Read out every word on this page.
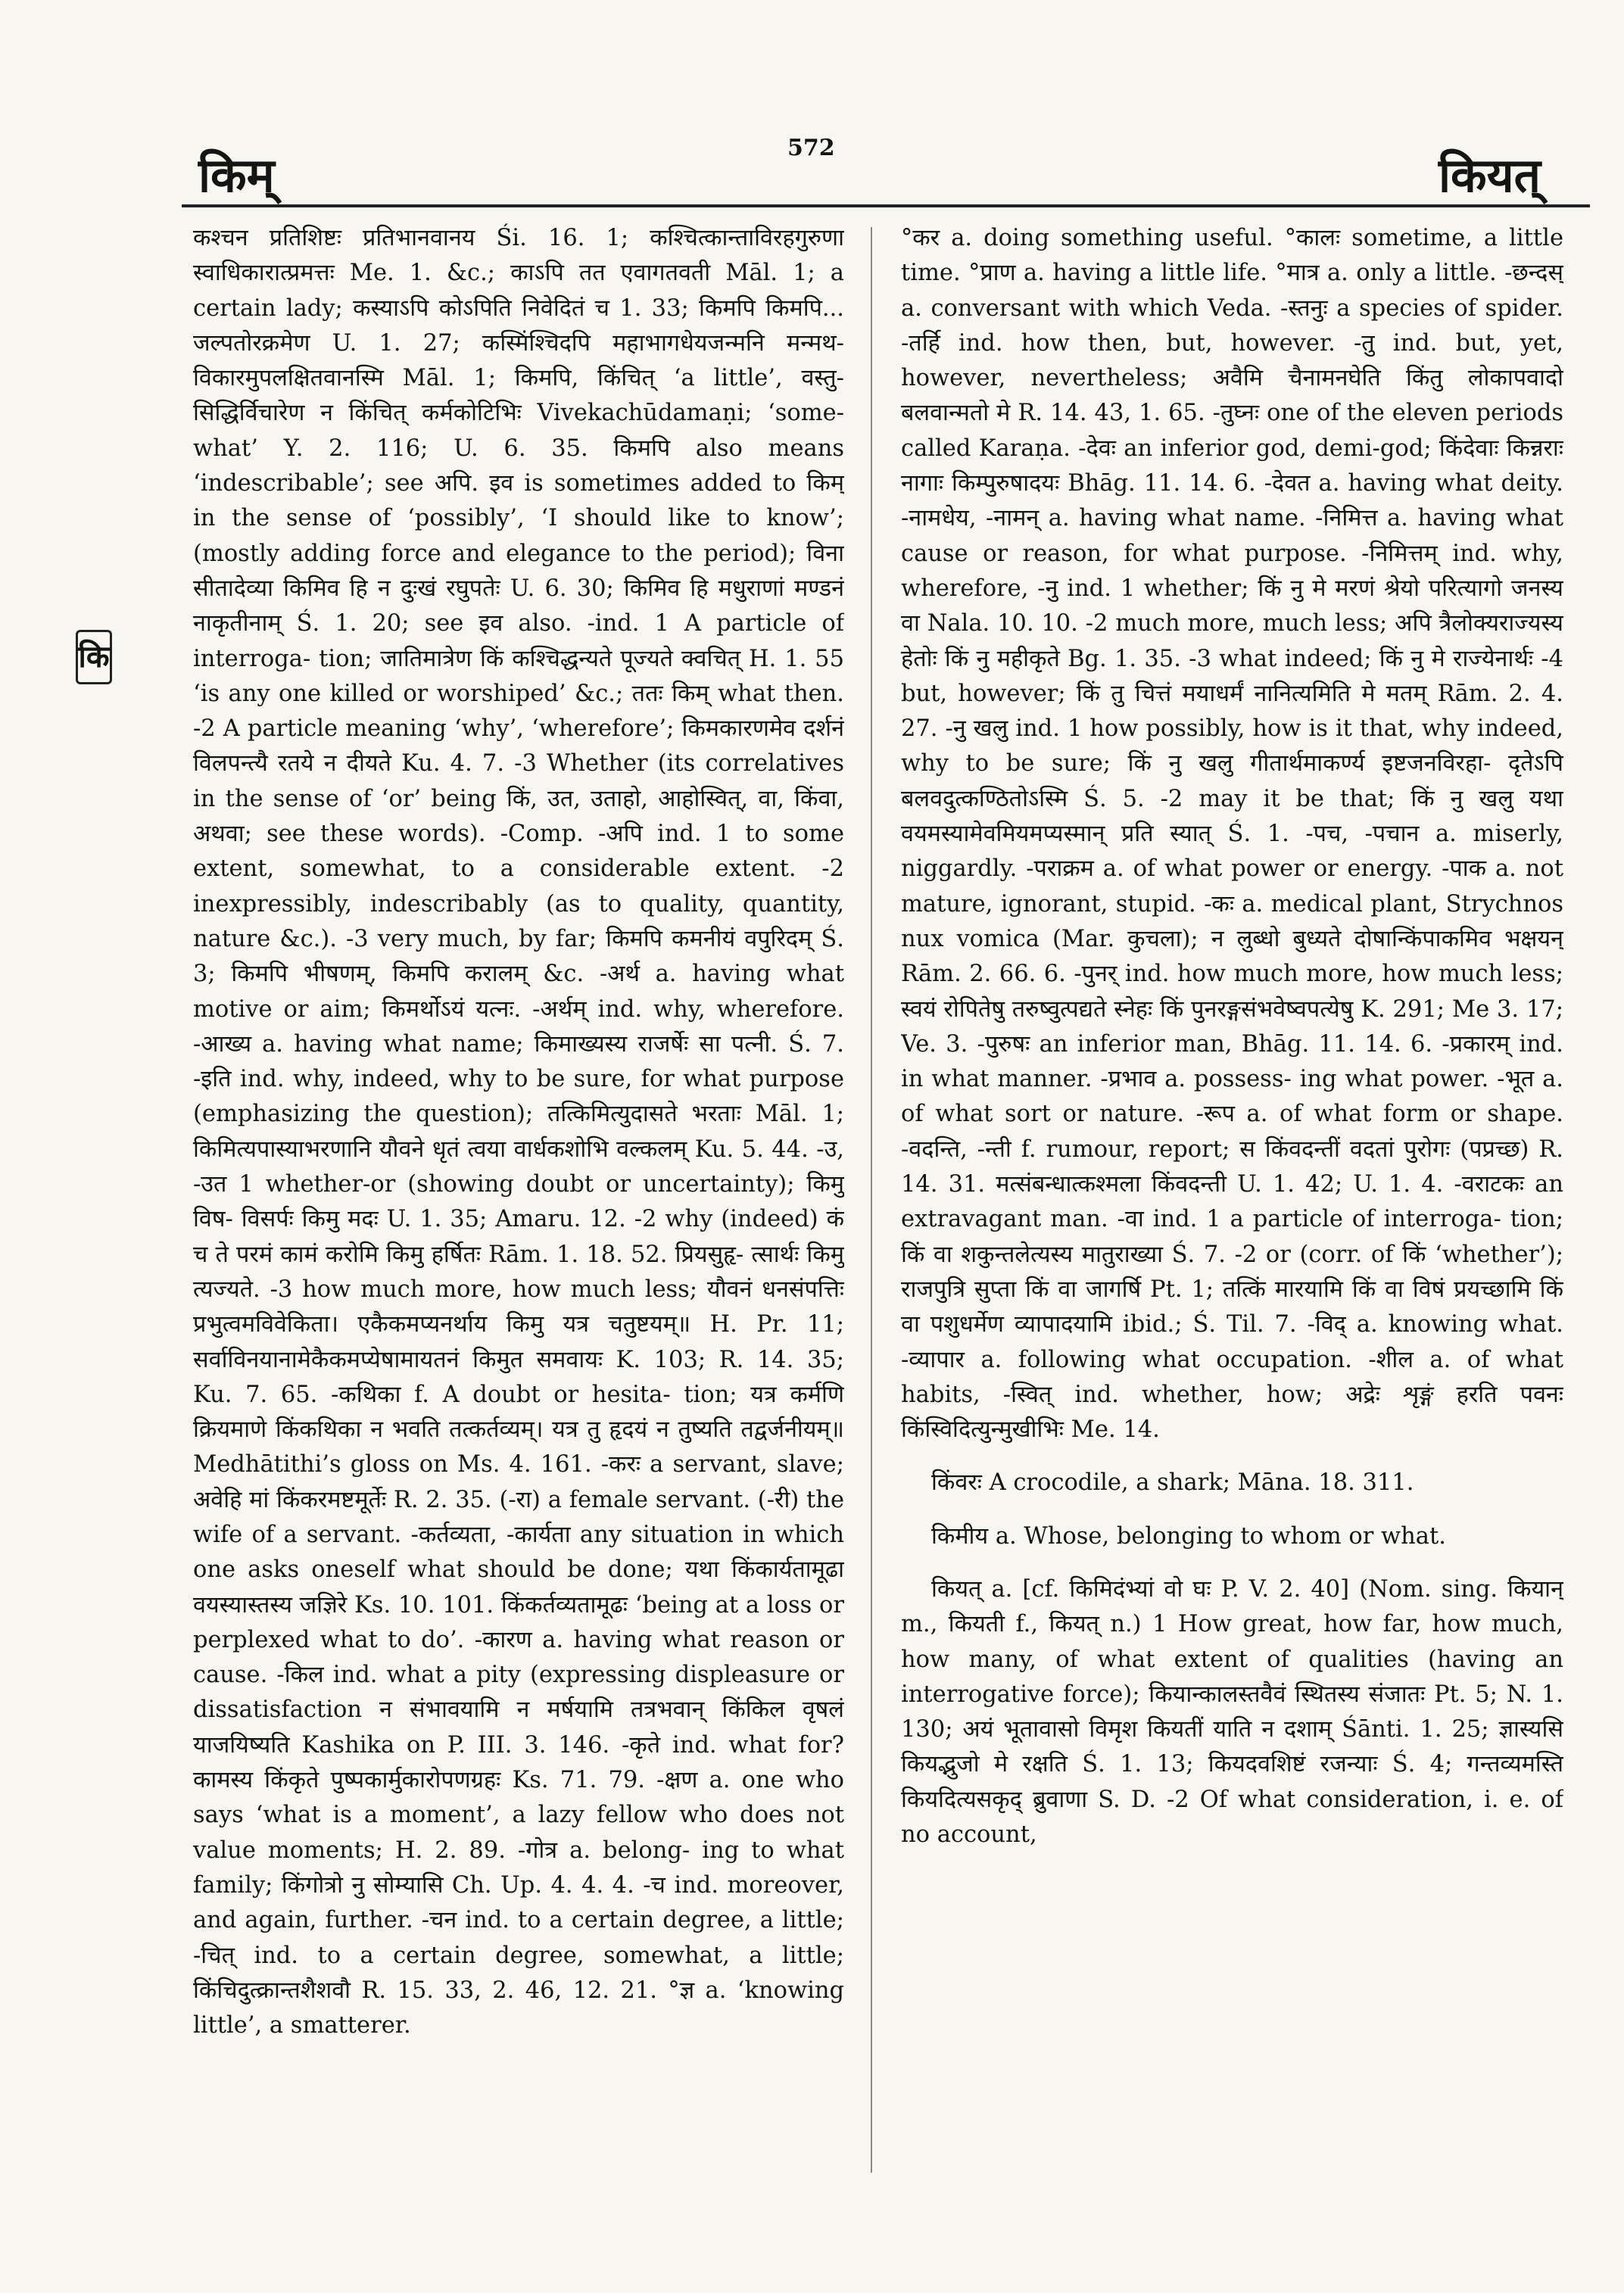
किम्	572	कियत्
कि

कश्चन प्रतिशिष्टः प्रतिभानवानय Śi. 16. 1; कश्चित्कान्ताविरहगुरुणा स्वाधिकारात्प्रमत्तः Me. 1. &c.; काऽपि तत एवागतवती Māl. 1; a certain lady; कस्याऽपि कोऽपिति निवेदितं च 1. 33; किमपि किमपि... जल्पतोरक्रमेण U. 1. 27; कस्मिंश्चिदपि महाभागधेयजन्मनि मन्मथ- विकारमुपलक्षितवानस्मि Māl. 1; किमपि, किंचित् ‘a little’, वस्तु- सिद्धिर्विचारेण न किंचित् कर्मकोटिभिः Vivekachūdamaṇi; ‘some- what’ Y. 2. 116; U. 6. 35. किमपि also means ‘indescribable’; see अपि. इव is sometimes added to किम् in the sense of ‘possibly’, ‘I should like to know’; (mostly adding force and elegance to the period); विना सीतादेव्या किमिव हि न दुःखं रघुपतेः U. 6. 30; किमिव हि मधुराणां मण्डनं नाकृतीनाम् Ś. 1. 20; see इव also. -ind. 1 A particle of interroga- tion; जातिमात्रेण किं कश्चिद्धन्यते पूज्यते क्वचित् H. 1. 55 ‘is any one killed or worshiped’ &c.; ततः किम् what then. -2 A particle meaning ‘why’, ‘wherefore’; किमकारणमेव दर्शनं विलपन्त्यै रतये न दीयते Ku. 4. 7. -3 Whether (its correlatives in the sense of ‘or’ being किं, उत, उताहो, आहोस्वित्, वा, किंवा, अथवा; see these words). -Comp. -अपि ind. 1 to some extent, somewhat, to a considerable extent. -2 inexpressibly, indescribably (as to quality, quantity, nature &c.). -3 very much, by far; किमपि कमनीयं वपुरिदम् Ś. 3; किमपि भीषणम्, किमपि करालम् &c. -अर्थ a. having what motive or aim; किमर्थोऽयं यत्नः. -अर्थम् ind. why, wherefore. -आख्य a. having what name; किमाख्यस्य राजर्षेः सा पत्नी. Ś. 7. -इति ind. why, indeed, why to be sure, for what purpose (emphasizing the question); तत्किमित्युदासते भरताः Māl. 1; किमित्यपास्याभरणानि यौवने धृतं त्वया वार्धकशोभि वल्कलम् Ku. 5. 44. -उ, -उत 1 whether-or (showing doubt or uncertainty); किमु विष- विसर्पः किमु मदः U. 1. 35; Amaru. 12. -2 why (indeed) कं च ते परमं कामं करोमि किमु हर्षितः Rām. 1. 18. 52. प्रियसुहृ- त्सार्थः किमु त्यज्यते. -3 how much more, how much less; यौवनं धनसंपत्तिः प्रभुत्वमविवेकिता। एकैकमप्यनर्थाय किमु यत्र चतुष्टयम्॥ H. Pr. 11; सर्वाविनयानामेकैकमप्येषामायतनं किमुत समवायः K. 103; R. 14. 35; Ku. 7. 65. -कथिका f. A doubt or hesita- tion; यत्र कर्मणि क्रियमाणे किंकथिका न भवति तत्कर्तव्यम्। यत्र तु हृदयं न तुष्यति तद्वर्जनीयम्॥ Medhātithi’s gloss on Ms. 4. 161. -करः a servant, slave; अवेहि मां किंकरमष्टमूर्तेः R. 2. 35. (-रा) a female servant. (-री) the wife of a servant. -कर्तव्यता, -कार्यता any situation in which one asks oneself what should be done; यथा किंकार्यतामूढा वयस्यास्तस्य जज्ञिरे Ks. 10. 101. किंकर्तव्यतामूढः ‘being at a loss or perplexed what to do’. -कारण a. having what reason or cause. -किल ind. what a pity (expressing displeasure or dissatisfaction न संभावयामि न मर्षयामि तत्रभवान् किंकिल वृषलं याजयिष्यति Kashika on P. III. 3. 146. -कृते ind. what for? कामस्य किंकृते पुष्पकार्मुकारोपणग्रहः Ks. 71. 79. -क्षण a. one who says ‘what is a moment’, a lazy fellow who does not value moments; H. 2. 89. -गोत्र a. belong- ing to what family; किंगोत्रो नु सोम्यासि Ch. Up. 4. 4. 4. -च ind. moreover, and again, further. -चन ind. to a certain degree, a little; -चित् ind. to a certain degree, somewhat, a little; किंचिदुत्क्रान्तशैशवौ R. 15. 33, 2. 46, 12. 21. °ज्ञ a. ‘knowing little’, a smatterer.

°कर a. doing something useful. °कालः sometime, a little time. °प्राण a. having a little life. °मात्र a. only a little. -छन्दस् a. conversant with which Veda. -स्तनुः a species of spider. -तर्हि ind. how then, but, however. -तु ind. but, yet, however, nevertheless; अवैमि चैनामनघेति किंतु लोकापवादो बलवान्मतो मे R. 14. 43, 1. 65. -तुघ्नः one of the eleven periods called Karaṇa. -देवः an inferior god, demi-god; किंदेवाः किन्नराः नागाः किम्पुरुषादयः Bhāg. 11. 14. 6. -देवत a. having what deity. -नामधेय, -नामन् a. having what name. -निमित्त a. having what cause or reason, for what purpose. -निमित्तम् ind. why, wherefore, -नु ind. 1 whether; किं नु मे मरणं श्रेयो परित्यागो जनस्य वा Nala. 10. 10. -2 much more, much less; अपि त्रैलोक्यराज्यस्य हेतोः किं नु महीकृते Bg. 1. 35. -3 what indeed; किं नु मे राज्येनार्थः -4 but, however; किं तु चित्तं मयाधर्मं नानित्यमिति मे मतम् Rām. 2. 4. 27. -नु खलु ind. 1 how possibly, how is it that, why indeed, why to be sure; किं नु खलु गीतार्थमाकर्ण्य इष्टजनविरहा- दृतेऽपि बलवदुत्कण्ठितोऽस्मि Ś. 5. -2 may it be that; किं नु खलु यथा वयमस्यामेवमियमप्यस्मान् प्रति स्यात् Ś. 1. -पच, -पचान a. miserly, niggardly. -पराक्रम a. of what power or energy. -पाक a. not mature, ignorant, stupid. -कः a. medical plant, Strychnos nux vomica (Mar. कुचला); न लुब्धो बुध्यते दोषान्किंपाकमिव भक्षयन् Rām. 2. 66. 6. -पुनर् ind. how much more, how much less; स्वयं रोपितेषु तरुष्वुत्पद्यते स्नेहः किं पुनरङ्गसंभवेष्वपत्येषु K. 291; Me 3. 17; Ve. 3. -पुरुषः an inferior man, Bhāg. 11. 14. 6. -प्रकारम् ind. in what manner. -प्रभाव a. possess- ing what power. -भूत a. of what sort or nature. -रूप a. of what form or shape. -वदन्ति, -न्ती f. rumour, report; स किंवदन्तीं वदतां पुरोगः (पप्रच्छ) R. 14. 31. मत्संबन्धात्कश्मला किंवदन्ती U. 1. 42; U. 1. 4. -वराटकः an extravagant man. -वा ind. 1 a particle of interroga- tion; किं वा शकुन्तलेत्यस्य मातुराख्या Ś. 7. -2 or (corr. of किं ‘whether’); राजपुत्रि सुप्ता किं वा जागर्षि Pt. 1; तत्किं मारयामि किं वा विषं प्रयच्छामि किं वा पशुधर्मेण व्यापादयामि ibid.; Ś. Til. 7. -विद् a. knowing what. -व्यापार a. following what occupation. -शील a. of what habits, -स्वित् ind. whether, how; अद्रेः शृङ्गं हरति पवनः किंस्विदित्युन्मुखीभिः Me. 14.

किंवरः A crocodile, a shark; Māna. 18. 311.

किमीय a. Whose, belonging to whom or what.

कियत् a. [cf. किमिदंभ्यां वो घः P. V. 2. 40] (Nom. sing. कियान् m., कियती f., कियत् n.) 1 How great, how far, how much, how many, of what extent of qualities (having an interrogative force); कियान्कालस्तवैवं स्थितस्य संजातः Pt. 5; N. 1. 130; अयं भूतावासो विमृश कियतीं याति न दशाम् Śānti. 1. 25; ज्ञास्यसि कियद्भुजो मे रक्षति Ś. 1. 13; कियदवशिष्टं रजन्याः Ś. 4; गन्तव्यमस्ति कियदित्यसकृद् ब्रुवाणा S. D. -2 Of what consideration, i. e. of no account,
